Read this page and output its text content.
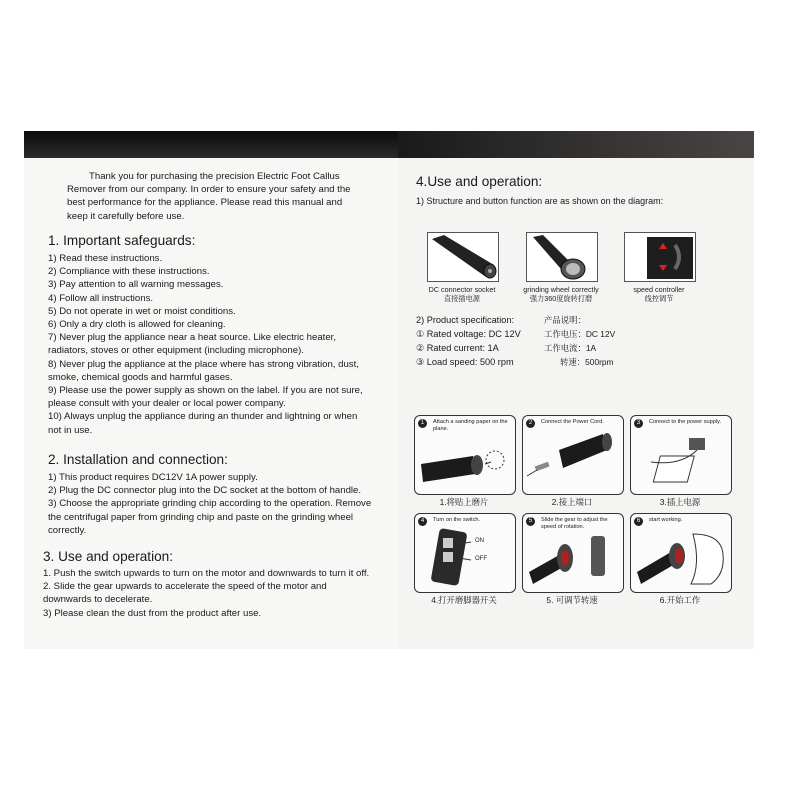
Thank you for purchasing the precision Electric Foot Callus
Remover from our company. In order to ensure your safety and the
best performance for the appliance. Please read this manual and
keep it carefully before use.
1. Important safeguards:
1) Read these instructions.
2) Compliance with these instructions.
3) Pay attention to all warning messages.
4) Follow all instructions.
5) Do not operate in wet or moist conditions.
6) Only a dry cloth is allowed for cleaning.
7) Never plug the appliance near a heat source. Like electric heater,
radiators, stoves or other equipment (including microphone).
8) Never plug the appliance at the place where has strong vibration, dust,
smoke, chemical goods and harmful gases.
9) Please use the power supply as shown on the label. If you are not sure,
please consult with your dealer or local power company.
10) Always unplug the appliance during an thunder and lightning or when
not in use.
2. Installation and connection:
1) This product requires DC12V 1A power supply.
2) Plug the DC connector plug into the DC socket at the bottom of handle.
3) Choose the appropriate grinding chip according to the operation. Remove
the centrifugal paper from grinding chip and paste on the grinding wheel
correctly.
3. Use and operation:
1. Push the switch upwards to turn on the motor and downwards to turn it off.
2. Slide the gear upwards to accelerate the speed of the motor and
downwards to decelerate.
3) Please clean the dust from the product after use.
4.Use and operation:
1) Structure and button function are as shown on the diagram:
DC connector socket
直接插电源
grinding wheel correctly
强力360度旋转打磨
speed controller
线控调节
2) Product specification:	产品说明：
① Rated voltage: DC 12V	工作电压：DC 12V
② Rated current: 1A	工作电流：1A
③ Load speed: 500 rpm	转速：500rpm
1	Attach a sanding paper on the plane.
1.将贴上磨片
2	Connect the Power Cord.
2.接上端口
3	Connect to the power supply.
3.插上电源
4	Turn on the switch.
ON
OFF
4.打开磨脚器开关
5	Slide the gear to adjust the speed of rotation.
5. 可调节转速
6	start working.
6.开始工作
